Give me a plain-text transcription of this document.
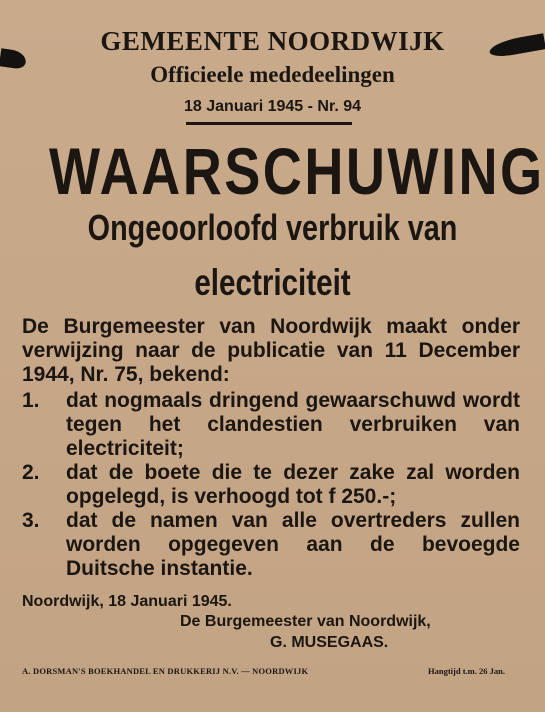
GEMEENTE NOORDWIJK
Officieele mededeelingen
18 Januari 1945 - Nr. 94
WAARSCHUWING
Ongeoorloofd verbruik van
electriciteit
De Burgemeester van Noordwijk maakt onder verwijzing naar de publicatie van 11 December 1944, Nr. 75, bekend:
1.	dat nogmaals dringend gewaarschuwd wordt tegen het clandestien verbruiken van electriciteit;
2.	dat de boete die te dezer zake zal worden opgelegd, is verhoogd tot f 250.-;
3.	dat de namen van alle overtreders zullen worden opgegeven aan de bevoegde Duitsche instantie.
Noordwijk, 18 Januari 1945.
De Burgemeester van Noordwijk,
G. MUSEGAAS.
A. DORSMAN'S BOEKHANDEL EN DRUKKERIJ N.V. — NOORDWIJK	Hangtijd t.m. 26 Jan.
